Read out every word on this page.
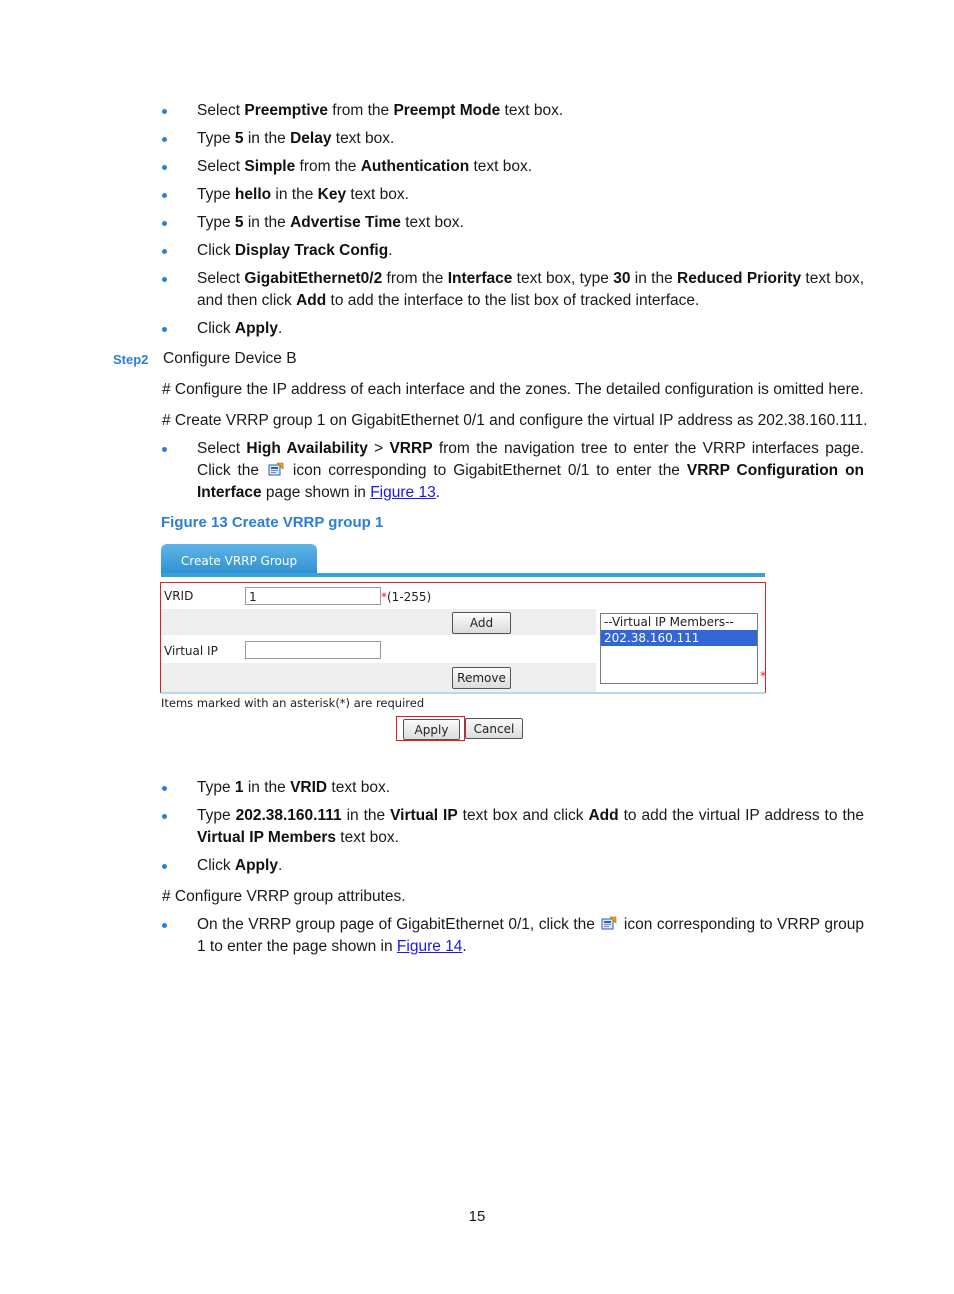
Select Preemptive from the Preempt Mode text box.
Type 5 in the Delay text box.
Select Simple from the Authentication text box.
Type hello in the Key text box.
Type 5 in the Advertise Time text box.
Click Display Track Config.
Select GigabitEthernet0/2 from the Interface text box, type 30 in the Reduced Priority text box, and then click Add to add the interface to the list box of tracked interface.
Click Apply.
Step2 Configure Device B
# Configure the IP address of each interface and the zones. The detailed configuration is omitted here.
# Create VRRP group 1 on GigabitEthernet 0/1 and configure the virtual IP address as 202.38.160.111.
Select High Availability > VRRP from the navigation tree to enter the VRRP interfaces page. Click the  icon corresponding to GigabitEthernet 0/1 to enter the VRRP Configuration on Interface page shown in Figure 13.
Figure 13 Create VRRP group 1
Create VRRP Group
VRID	1	*(1-255)
Add
Virtual IP
Remove
--Virtual IP Members--
202.38.160.111
*
Items marked with an asterisk(*) are required
Apply	Cancel
Type 1 in the VRID text box.
Type 202.38.160.111 in the Virtual IP text box and click Add to add the virtual IP address to the Virtual IP Members text box.
Click Apply.
# Configure VRRP group attributes.
On the VRRP group page of GigabitEthernet 0/1, click the  icon corresponding to VRRP group 1 to enter the page shown in Figure 14.
15
